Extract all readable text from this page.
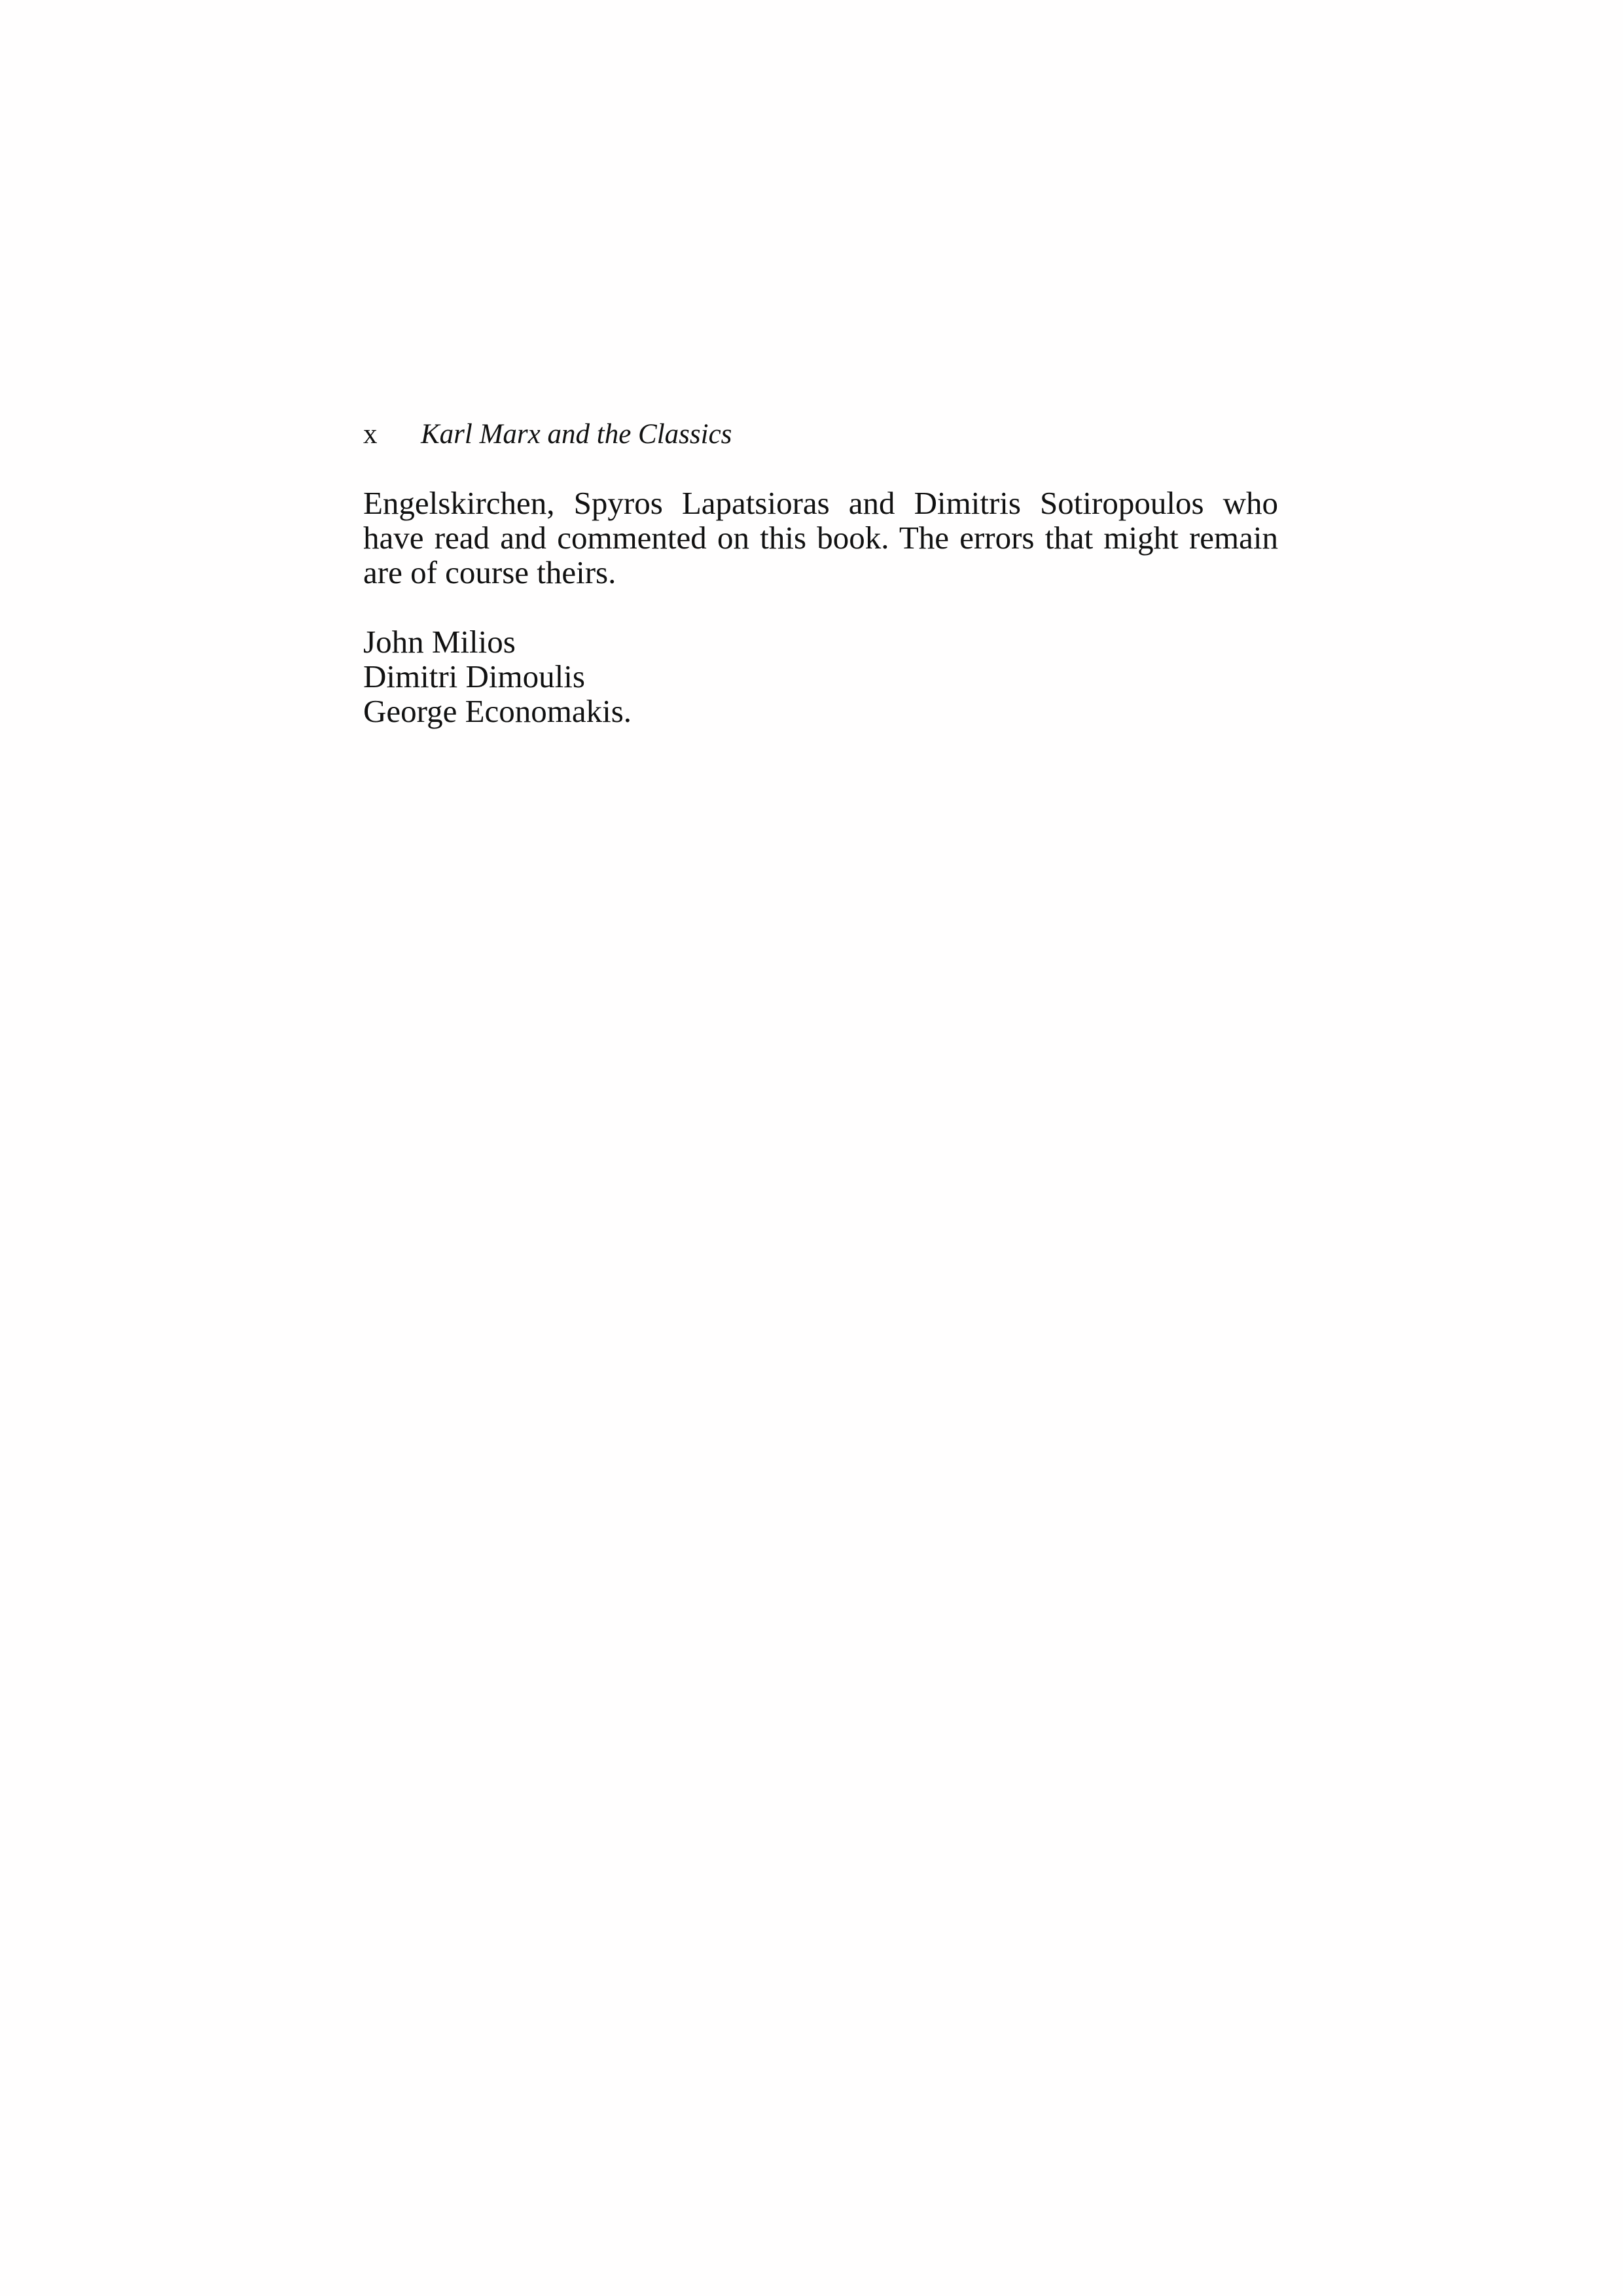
x Karl Marx and the Classics

Engelskirchen, Spyros Lapatsioras and Dimitris Sotiropoulos who have read and commented on this book. The errors that might remain are of course theirs.

John Milios
Dimitri Dimoulis
George Economakis.
